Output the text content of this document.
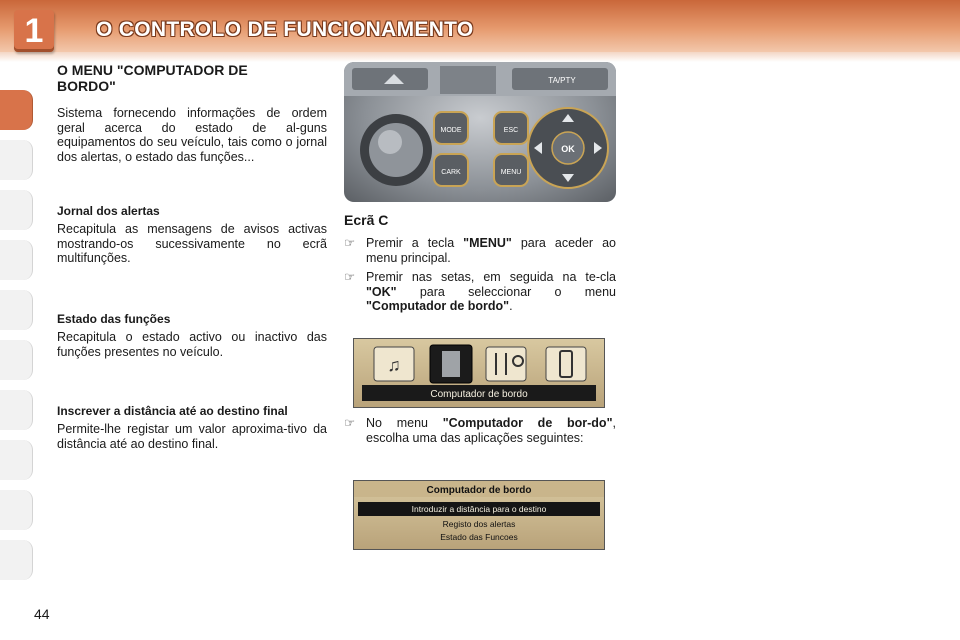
1	O CONTROLO DE FUNCIONAMENTO
O MENU "COMPUTADOR DE BORDO"

Sistema fornecendo informações de ordem geral acerca do estado de al-guns equipamentos do seu veículo, tais como o jornal dos alertas, o estado das funções...

Jornal dos alertas

Recapitula as mensagens de avisos activas mostrando-os sucessivamente no ecrã multifunções.

Estado das funções

Recapitula o estado activo ou inactivo das funções presentes no veículo.

Inscrever a distância até ao destino final

Permite-lhe registar um valor aproxima-tivo da distância até ao destino final.

TA/PTY
MODE
CARK
ESC
MENU
OK
Ecrã C
☞ Premir a tecla "MENU" para aceder ao menu principal.
☞ Premir nas setas, em seguida na te-cla "OK" para seleccionar o menu "Computador de bordo".
♫
Computador de bordo
☞ No menu "Computador de bor-do", escolha uma das aplicações seguintes:
Computador de bordo
Introduzir a distância para o destino
Registo dos alertas
Estado das Funcoes
44
